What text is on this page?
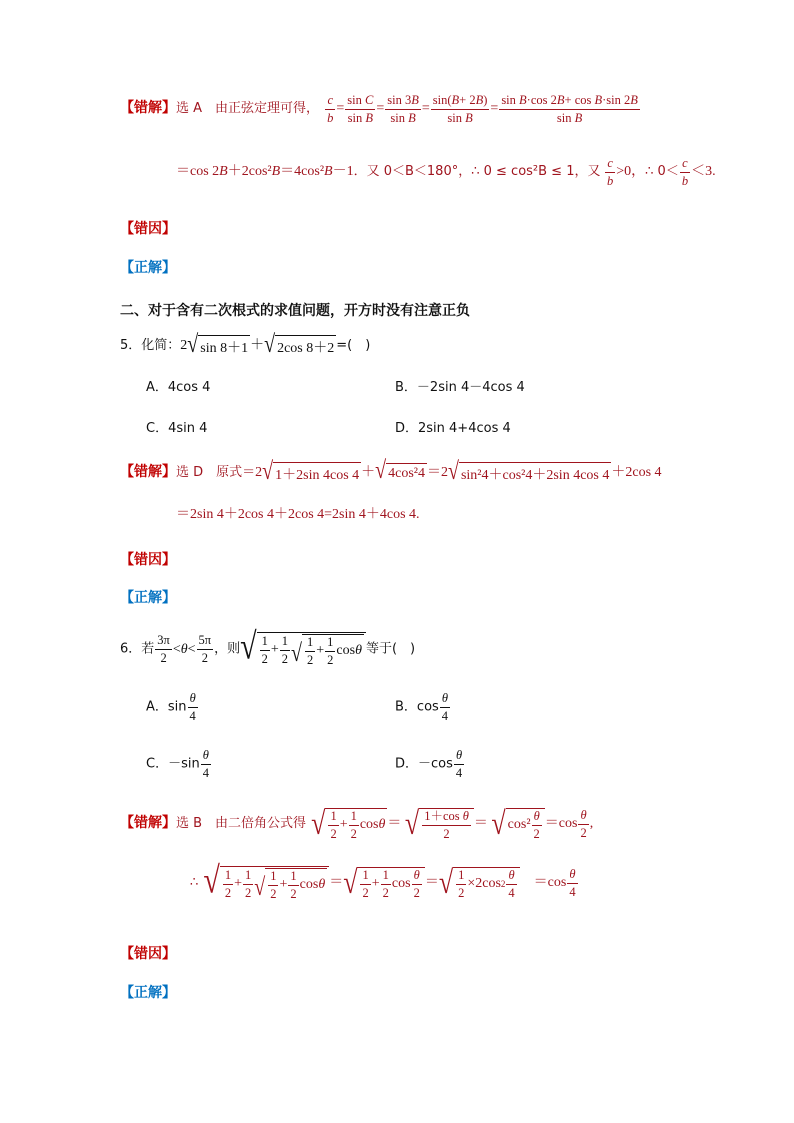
【错解】选 A　由正弦定理可得， $\frac{c}{b} = \frac{\text{sin C}}{\text{sin B}} = \frac{\sin 3B}{\text{sin B}} = \frac{\sin(B+ 2B)}{\text{sin B}} = \frac{\text{sin B·cos 2B+ cos B·sin 2B}}{\text{sin B}}$
＝cos 2B＋2cos²B＝4cos²B－1．又 0＜B＜180°，∴ 0 ≤ cos²B ≤ 1，又 $\frac{c}{b} >0$，∴ $0< \frac{c}{b} <3$.
【错因】
【正解】
二、对于含有二次根式的求值问题，开方时没有注意正负
5．化简：2 √ sin 8＋1 ＋ √ 2cos 8＋2 =(　)
A．4cos 4	B．－2sin 4－4cos 4
C．4sin 4	D．2sin 4+4cos 4
【错解】选 D　原式＝2 √ 1＋2sin 4cos 4 ＋ √ 4cos²4 ＝2 √ sin²4＋cos²4＋2sin 4cos 4 ＋2cos 4
＝2sin 4＋2cos 4＋2cos 4=2sin 4＋4cos 4.
【错因】
【正解】
6．若 $\frac{3\pi}{2} <\theta< \frac{5\pi}{2}$ ，则 √ $\frac{1}{2} + \frac{1}{2}$ √ $\frac{1}{2} + \frac{1}{2}$ cos θ 等于(　)
A．$\sin \frac{\theta}{4}$	B．$\cos \frac{\theta}{4}$
C．$-\sin \frac{\theta}{4}$	D．$-\cos \frac{\theta}{4}$
【错解】选 B　由二倍角公式得 √ $\frac{1}{2} + \frac{1}{2}$ cos θ ＝ √ $\frac{\text{1＋cos θ}}{2}$ ＝ √ $\cos^2 \frac{\theta}{2} =\cos \frac{\theta}{2}$ ,
∴ √ $\frac{1}{2} + \frac{1}{2}$ √ $\frac{1}{2} + \frac{1}{2}$ cos θ ＝ √ $\frac{1}{2} + \frac{1}{2}$ $\cos \frac{\theta}{2}$ ＝ √ $\frac{1}{2} \times 2\cos$ $2 \frac{\theta}{4}$ 　$=\cos \frac{\theta}{4}$
【错因】
【正解】
